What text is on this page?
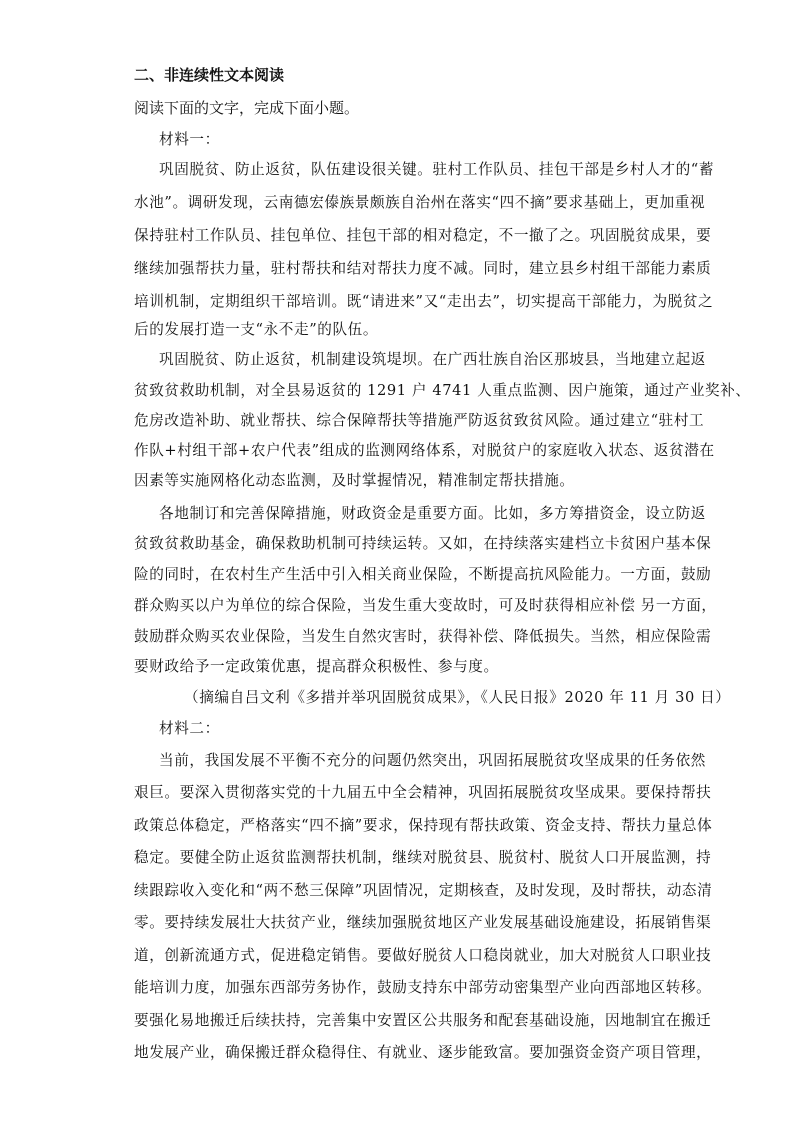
二、非连续性文本阅读
阅读下面的文字，完成下面小题。
材料一：
巩固脱贫、防止返贫，队伍建设很关键。驻村工作队员、挂包干部是乡村人才的“蓄
水池”。调研发现，云南德宏傣族景颇族自治州在落实“四不摘”要求基础上，更加重视
保持驻村工作队员、挂包单位、挂包干部的相对稳定，不一撤了之。巩固脱贫成果，要
继续加强帮扶力量，驻村帮扶和结对帮扶力度不减。同时，建立县乡村组干部能力素质
培训机制，定期组织干部培训。既“请进来”又“走出去”，切实提高干部能力，为脱贫之
后的发展打造一支“永不走”的队伍。
巩固脱贫、防止返贫，机制建设筑堤坝。在广西壮族自治区那坡县，当地建立起返
贫致贫救助机制，对全县易返贫的 1291 户 4741 人重点监测、因户施策，通过产业奖补、
危房改造补助、就业帮扶、综合保障帮扶等措施严防返贫致贫风险。通过建立“驻村工
作队+村组干部+农户代表”组成的监测网络体系，对脱贫户的家庭收入状态、返贫潜在
因素等实施网格化动态监测，及时掌握情况，精准制定帮扶措施。
各地制订和完善保障措施，财政资金是重要方面。比如，多方筹措资金，设立防返
贫致贫救助基金，确保救助机制可持续运转。又如，在持续落实建档立卡贫困户基本保
险的同时，在农村生产生活中引入相关商业保险，不断提高抗风险能力。一方面，鼓励
群众购买以户为单位的综合保险，当发生重大变故时，可及时获得相应补偿 另一方面，
鼓励群众购买农业保险，当发生自然灾害时，获得补偿、降低损失。当然，相应保险需
要财政给予一定政策优惠，提高群众积极性、参与度。
（摘编自吕文利《多措并举巩固脱贫成果》，《人民日报》2020 年 11 月 30 日）
材料二：
当前，我国发展不平衡不充分的问题仍然突出，巩固拓展脱贫攻坚成果的任务依然
艰巨。要深入贯彻落实党的十九届五中全会精神，巩固拓展脱贫攻坚成果。要保持帮扶
政策总体稳定，严格落实“四不摘”要求，保持现有帮扶政策、资金支持、帮扶力量总体
稳定。要健全防止返贫监测帮扶机制，继续对脱贫县、脱贫村、脱贫人口开展监测，持
续跟踪收入变化和“两不愁三保障”巩固情况，定期核查，及时发现，及时帮扶，动态清
零。要持续发展壮大扶贫产业，继续加强脱贫地区产业发展基础设施建设，拓展销售渠
道，创新流通方式，促进稳定销售。要做好脱贫人口稳岗就业，加大对脱贫人口职业技
能培训力度，加强东西部劳务协作，鼓励支持东中部劳动密集型产业向西部地区转移。
要强化易地搬迁后续扶持，完善集中安置区公共服务和配套基础设施，因地制宜在搬迁
地发展产业，确保搬迁群众稳得住、有就业、逐步能致富。要加强资金资产项目管理，
